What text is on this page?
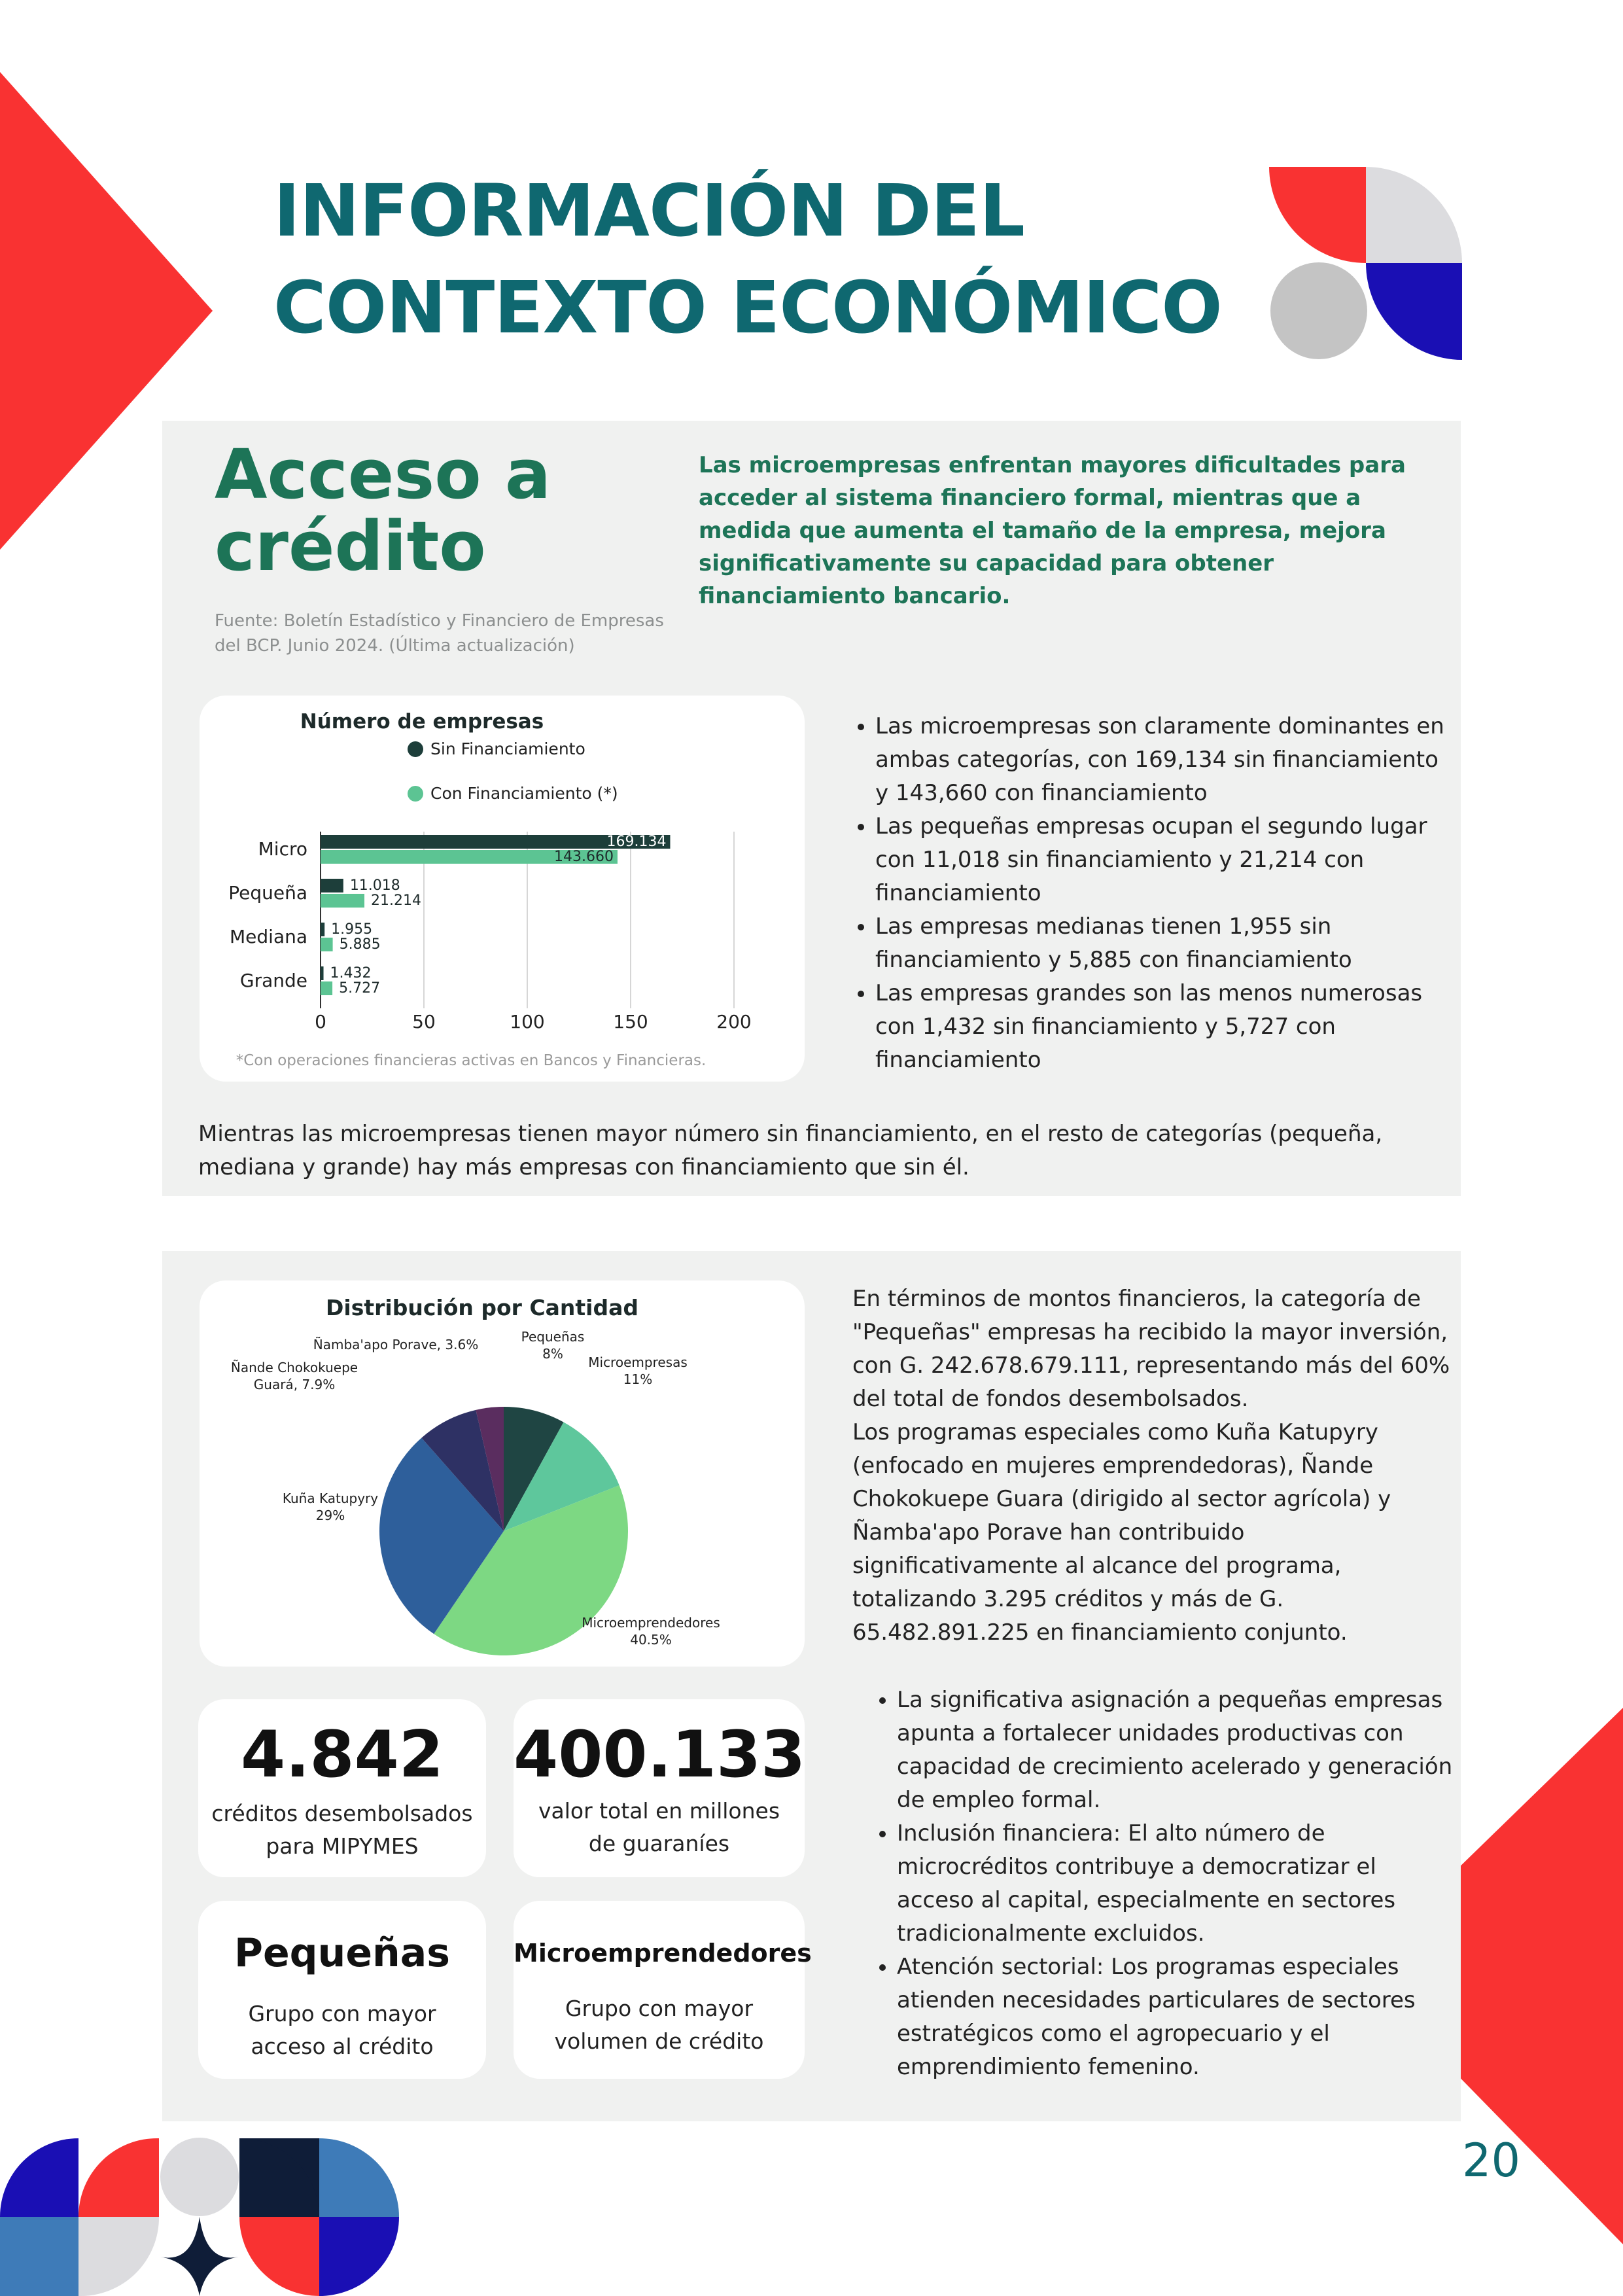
INFORMACIÓN DEL
CONTEXTO ECONÓMICO
Acceso a
crédito
Las microempresas enfrentan mayores dificultades para acceder al sistema financiero formal, mientras que a medida que aumenta el tamaño de la empresa, mejora significativamente su capacidad para obtener financiamiento bancario.
Fuente: Boletín Estadístico y Financiero de Empresas
del BCP. Junio 2024. (Última actualización)
Número de empresas
Sin Financiamiento
Con Financiamiento (*)
0	50	100	150	200
Micro	169.134
143.660
Pequeña	11.018
21.214
Mediana 1.955
5.885
Grande 1.432
5.727
*Con operaciones financieras activas en Bancos y Financieras.
• Las microempresas son claramente dominantes en ambas categorías, con 169,134 sin financiamiento y 143,660 con financiamiento
• Las pequeñas empresas ocupan el segundo lugar con 11,018 sin financiamiento y 21,214 con financiamiento
• Las empresas medianas tienen 1,955 sin financiamiento y 5,885 con financiamiento
• Las empresas grandes son las menos numerosas con 1,432 sin financiamiento y 5,727 con financiamiento
Mientras las microempresas tienen mayor número sin financiamiento, en el resto de categorías (pequeña, mediana y grande) hay más empresas con financiamiento que sin él.
Distribución por Cantidad
Pequeñas
8%
Microempresas
11%
Microemprendedores
40.5%
Kuña Katupyry
29%
Ñande Chokokuepe
Guará, 7.9%
Ñamba'apo Porave, 3.6%
En términos de montos financieros, la categoría de "Pequeñas" empresas ha recibido la mayor inversión, con G. 242.678.679.111, representando más del 60% del total de fondos desembolsados.
Los programas especiales como Kuña Katupyry (enfocado en mujeres emprendedoras), Ñande Chokokuepe Guara (dirigido al sector agrícola) y Ñamba'apo Porave han contribuido significativamente al alcance del programa, totalizando 3.295 créditos y más de G. 65.482.891.225 en financiamiento conjunto.
• La significativa asignación a pequeñas empresas apunta a fortalecer unidades productivas con capacidad de crecimiento acelerado y generación de empleo formal.
• Inclusión financiera: El alto número de microcréditos contribuye a democratizar el acceso al capital, especialmente en sectores tradicionalmente excluidos.
• Atención sectorial: Los programas especiales atienden necesidades particulares de sectores estratégicos como el agropecuario y el emprendimiento femenino.
4.842
créditos desembolsados
para MIPYMES
400.133
valor total en millones
de guaraníes
Pequeñas
Grupo con mayor
acceso al crédito
Microemprendedores
Grupo con mayor
volumen de crédito
20
